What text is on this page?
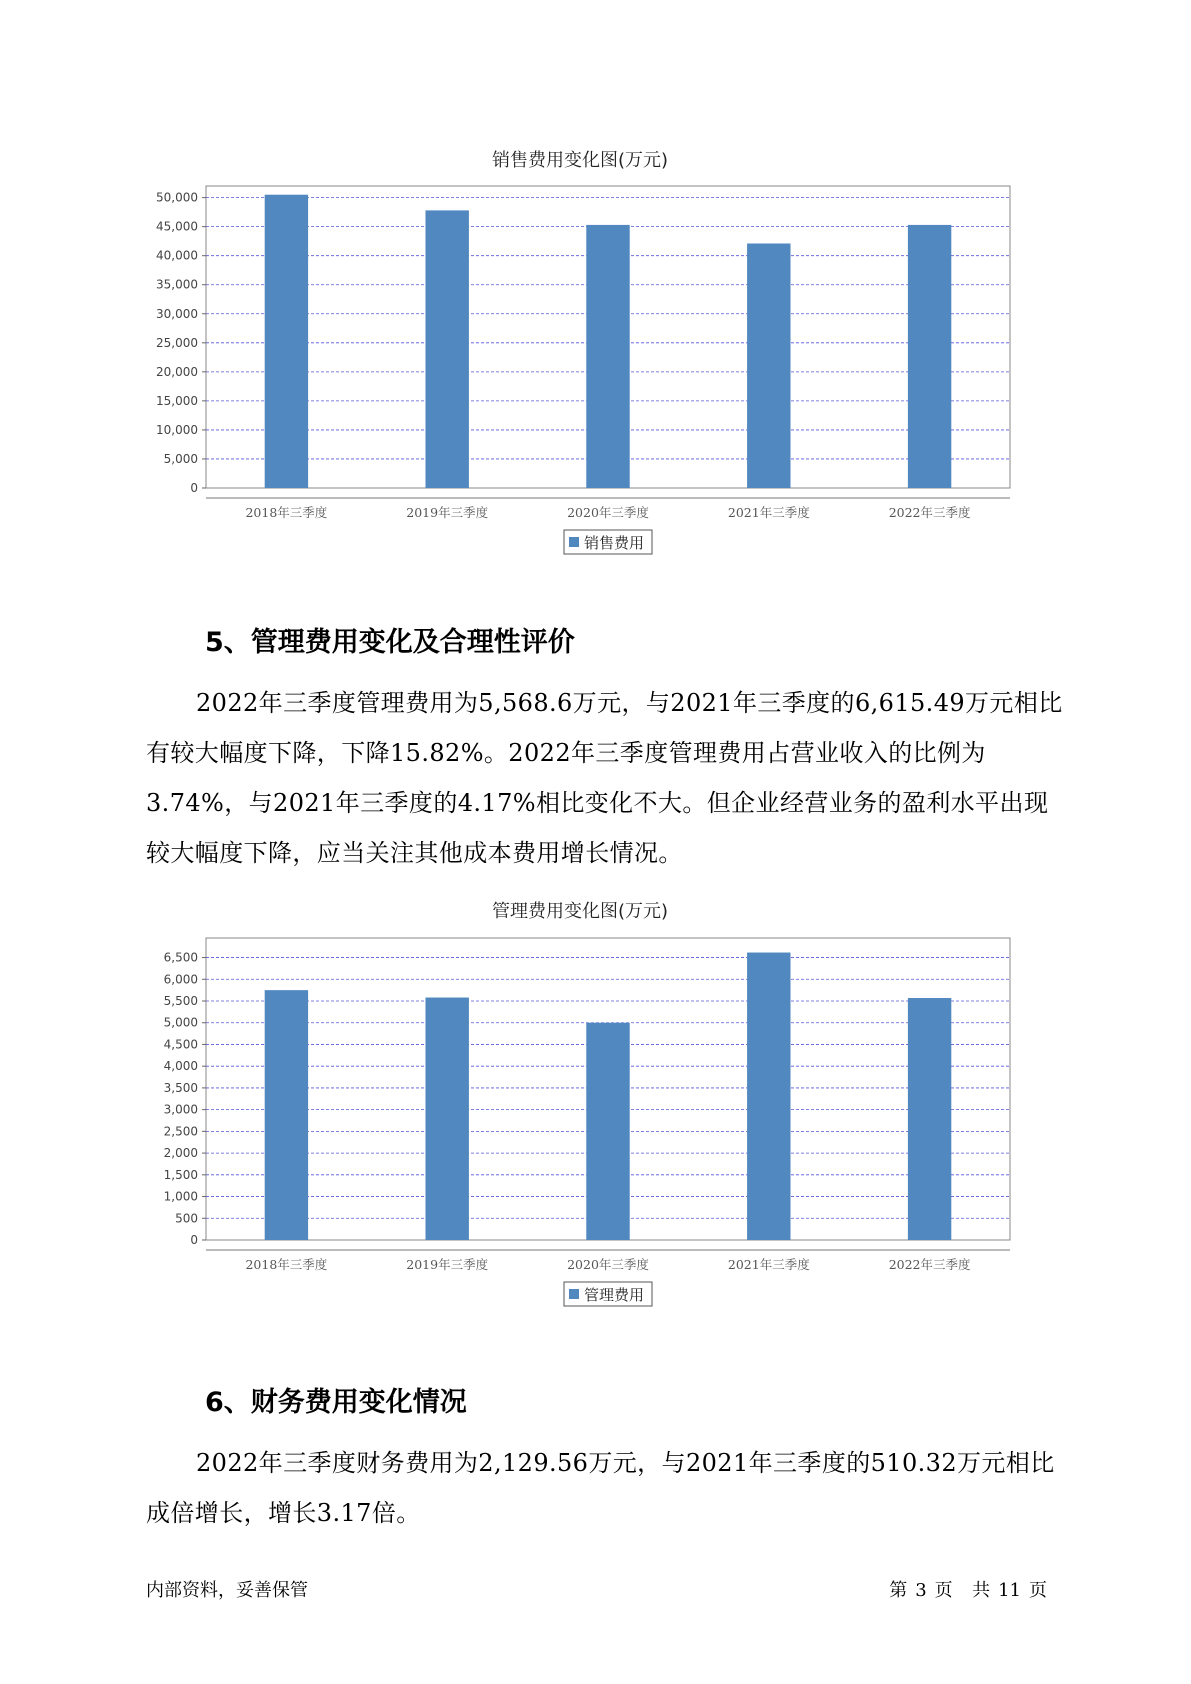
销售费用变化图(万元)
0
5,000
10,000
15,000
20,000
25,000
30,000
35,000
40,000
45,000
50,000
2018年三季度	2019年三季度	2020年三季度	2021年三季度	2022年三季度
销售费用
5、管理费用变化及合理性评价

2022年三季度管理费用为5,568.6万元，与2021年三季度的6,615.49万元相比有较大幅度下降，下降15.82%。2022年三季度管理费用占营业收入的比例为3.74%，与2021年三季度的4.17%相比变化不大。但企业经营业务的盈利水平出现较大幅度下降，应当关注其他成本费用增长情况。

管理费用变化图(万元)
0
500
1,000
1,500
2,000
2,500
3,000
3,500
4,000
4,500
5,000
5,500
6,000
6,500
2018年三季度	2019年三季度	2020年三季度	2021年三季度	2022年三季度
管理费用
6、财务费用变化情况

2022年三季度财务费用为2,129.56万元，与2021年三季度的510.32万元相比成倍增长，增长3.17倍。

内部资料，妥善保管	第 3 页 共 11 页
